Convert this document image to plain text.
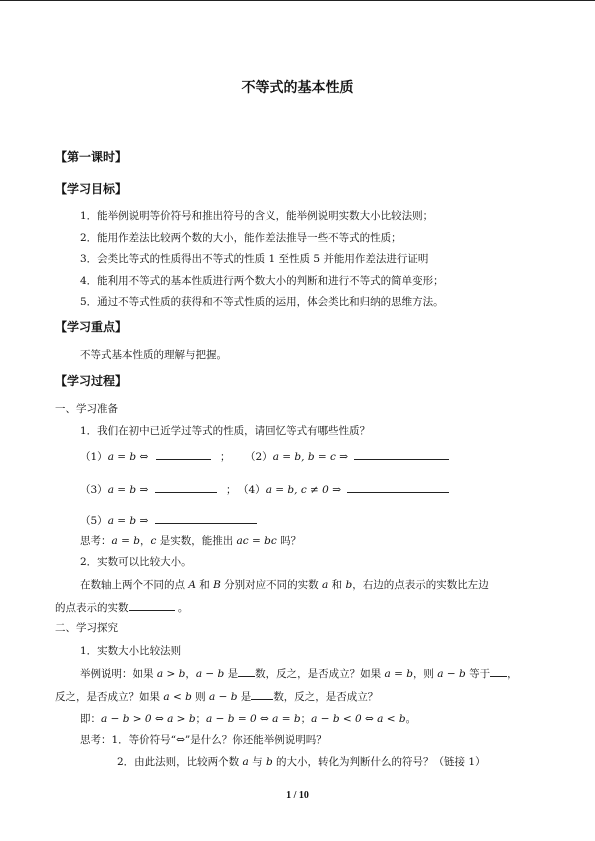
不等式的基本性质
【第一课时】
【学习目标】
1．能举例说明等价符号和推出符号的含义，能举例说明实数大小比较法则；
2．能用作差法比较两个数的大小，能作差法推导一些不等式的性质；
3．会类比等式的性质得出不等式的性质 1 至性质 5 并能用作差法进行证明
4．能利用不等式的基本性质进行两个数大小的判断和进行不等式的简单变形；
5．通过不等式性质的获得和不等式性质的运用，体会类比和归纳的思维方法。
【学习重点】
不等式基本性质的理解与把握。
【学习过程】
一、学习准备
1．我们在初中已近学过等式的性质，请回忆等式有哪些性质？
（1）a = b ⇔	； （2）a = b, b = c ⇒
（3）a = b ⇒	； （4）a = b, c ≠ 0 ⇒
（5）a = b ⇒
思考：a = b，c 是实数，能推出 ac = bc 吗？
2．实数可以比较大小。
在数轴上两个不同的点 A 和 B 分别对应不同的实数 a 和 b，右边的点表示的实数比左边
的点表示的实数	。
二、学习探究
1．实数大小比较法则
举例说明：如果 a > b，a − b 是 数，反之，是否成立？如果 a = b，则 a − b 等于 ，
反之，是否成立？如果 a < b 则 a − b 是 数，反之，是否成立？
即：a − b > 0 ⇔ a > b；a − b = 0 ⇔ a = b；a − b < 0 ⇔ a < b。
思考：1．等价符号“⇔”是什么？你还能举例说明吗？
2．由此法则，比较两个数 a 与 b 的大小，转化为判断什么的符号？（链接 1）
1 / 10
